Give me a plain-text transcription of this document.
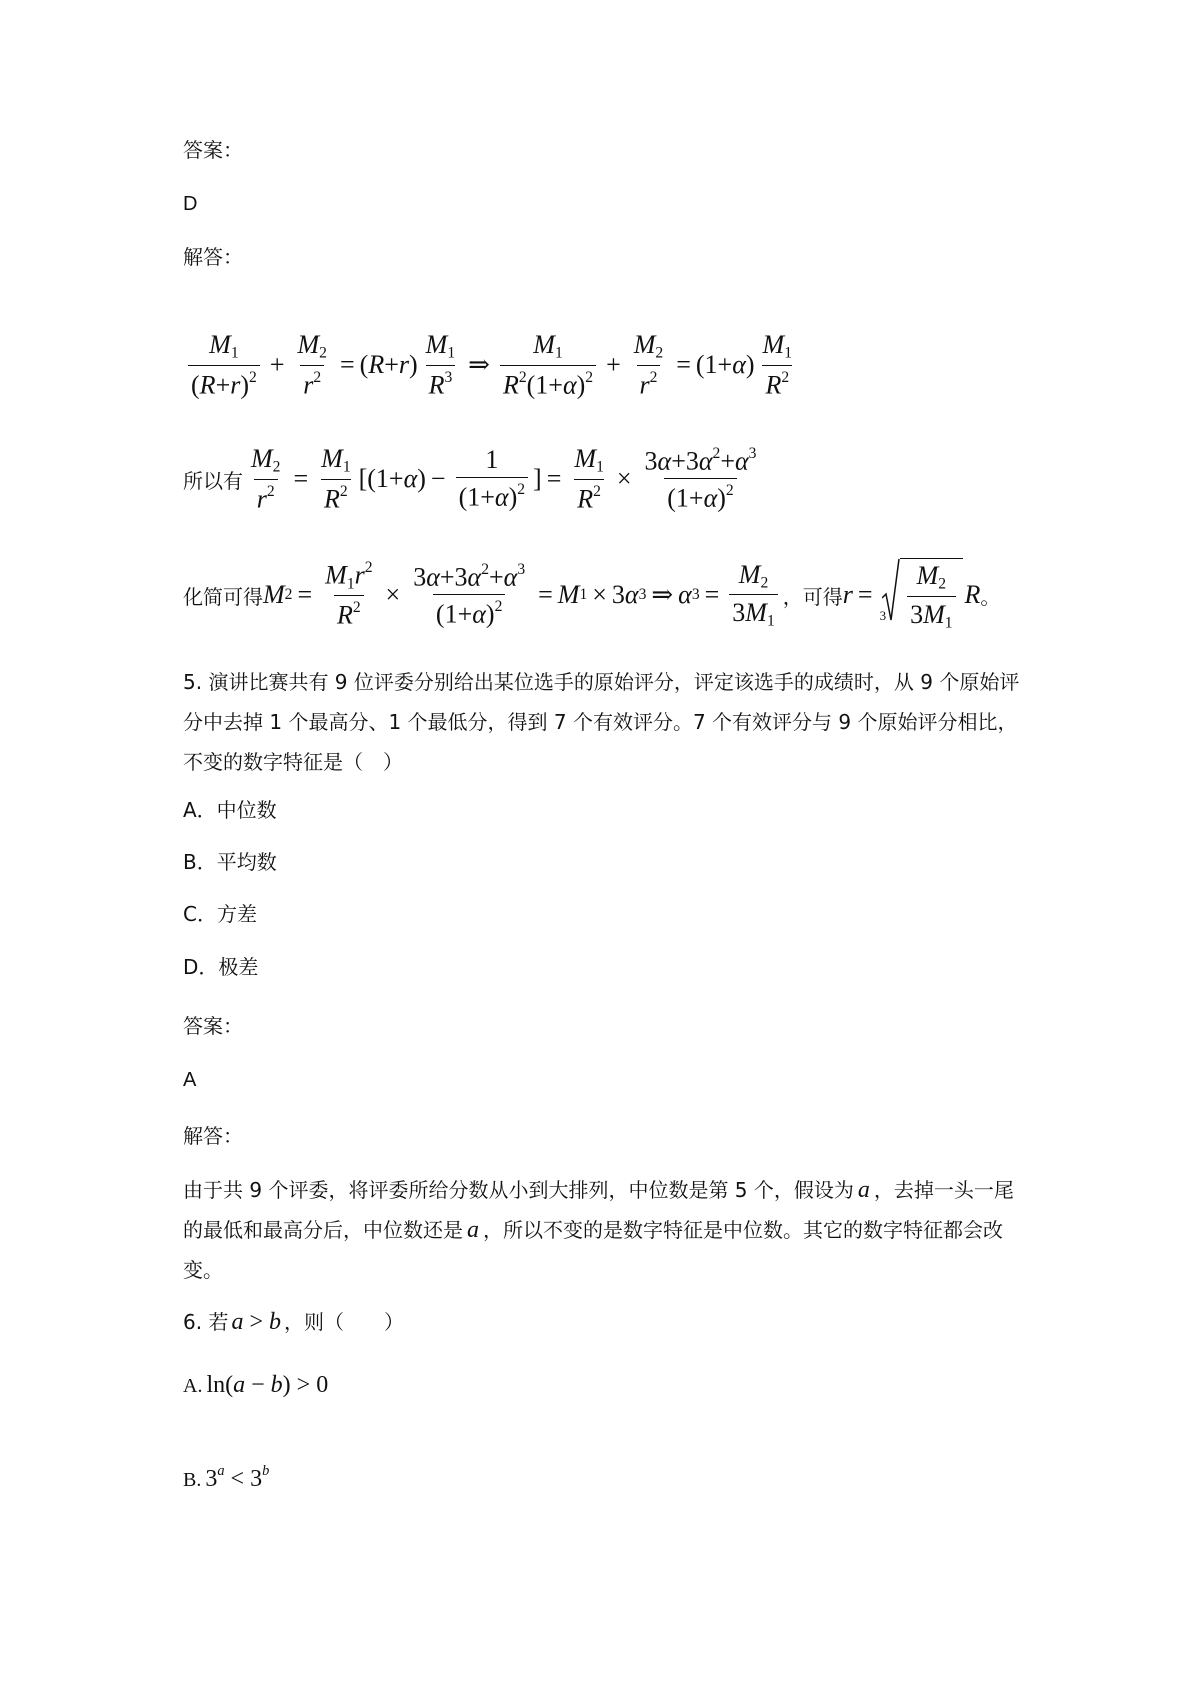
答案：
D
解答：
$\frac{M_1}{(R+r)^2} + \frac{M_2}{r^2}$ = ( R + r ) $\frac{M_1}{R^3}$ ⇒ $\frac{M_1}{R^2(1+\alpha)^2} + \frac{M_2}{r^2} = (1+ \alpha$ ) $\frac{M_1}{R^2}$
所以有 $\frac{M_2}{r^2} = \frac{M_1}{R^2} [(1+ \alpha$ ) − $\frac{1}{(1+\alpha)^2}$ ] = $\frac{M_1}{R^2} \times \frac{3\alpha+3\alpha^2+\alpha^3}{(1+\alpha)^2}$
化简可得 M $2 = \frac{M_1r^2}{R^2} \times \frac{3\alpha+3\alpha^2+\alpha^3}{(1+\alpha)^2} = M$ 1 × 3 α 3 ⇒ α $3 = \frac{M_2}{3M_1}$ ，可得 r =
$3 \frac{M_2}{3M_1}$ R 。
5. 演讲比赛共有 9 位评委分别给出某位选手的原始评分，评定该选手的成绩时，从 9 个原始评分中去掉 1 个最高分、1 个最低分，得到 7 个有效评分。7 个有效评分与 9 个原始评分相比，不变的数字特征是（　）
A．中位数
B．平均数
C．方差
D．极差
答案：
A
解答：
由于共 9 个评委，将评委所给分数从小到大排列，中位数是第 5 个，假设为 a ，去掉一头一尾的最低和最高分后，中位数还是 a ，所以不变的是数字特征是中位数。其它的数字特征都会改变。
6. 若 a > b ，则（　　）
A. ln(a − b) > 0
B. $3^a < 3^b$
